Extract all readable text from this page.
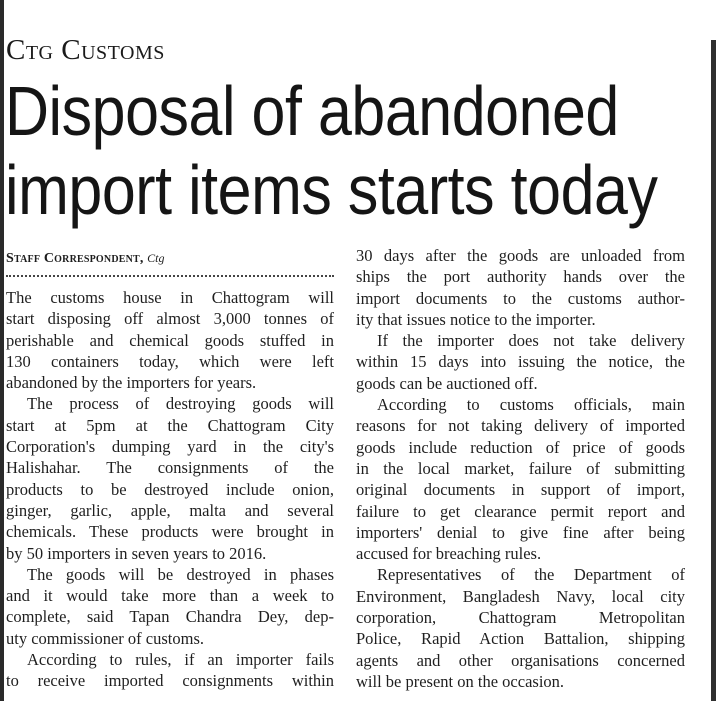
Ctg Customs
Disposal of abandoned
import items starts today
Staff Correspondent, Ctg

The customs house in Chattogram will
start disposing off almost 3,000 tonnes of
perishable and chemical goods stuffed in
130 containers today, which were left
abandoned by the importers for years.

The process of destroying goods will
start at 5pm at the Chattogram City
Corporation's dumping yard in the city's
Halishahar. The consignments of the
products to be destroyed include onion,
ginger, garlic, apple, malta and several
chemicals. These products were brought in
by 50 importers in seven years to 2016.

The goods will be destroyed in phases
and it would take more than a week to
complete, said Tapan Chandra Dey, dep-
uty commissioner of customs.

According to rules, if an importer fails
to receive imported consignments within

30 days after the goods are unloaded from
ships the port authority hands over the
import documents to the customs author-
ity that issues notice to the importer.

If the importer does not take delivery
within 15 days into issuing the notice, the
goods can be auctioned off.

According to customs officials, main
reasons for not taking delivery of imported
goods include reduction of price of goods
in the local market, failure of submitting
original documents in support of import,
failure to get clearance permit report and
importers' denial to give fine after being
accused for breaching rules.

Representatives of the Department of
Environment, Bangladesh Navy, local city
corporation, Chattogram Metropolitan
Police, Rapid Action Battalion, shipping
agents and other organisations concerned
will be present on the occasion.
